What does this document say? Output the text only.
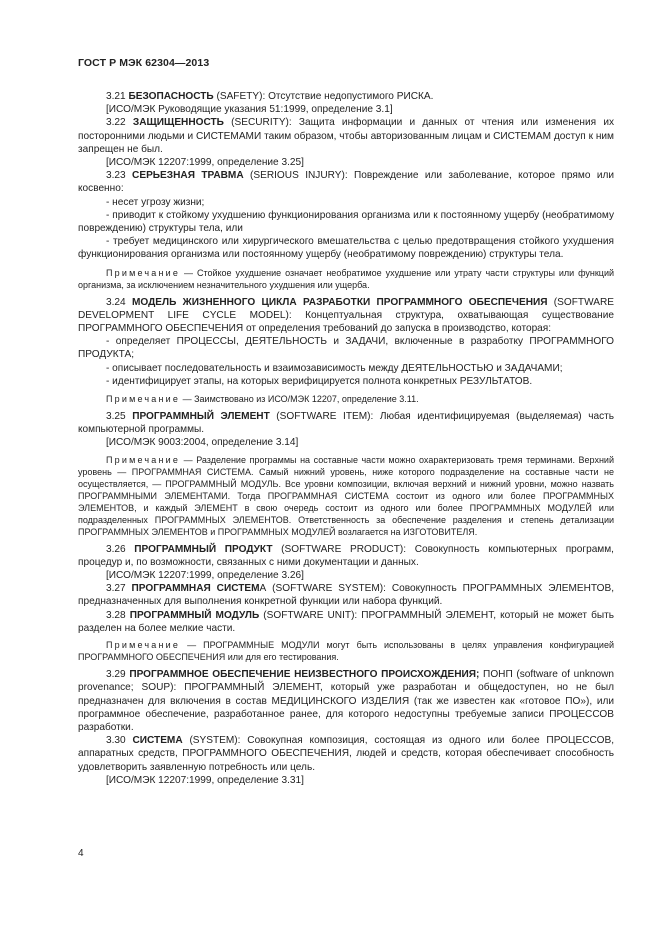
ГОСТ Р МЭК 62304—2013

3.21 БЕЗОПАСНОСТЬ (SAFETY): Отсутствие недопустимого РИСКА.

[ИСО/МЭК Руководящие указания 51:1999, определение 3.1]

3.22 ЗАЩИЩЕННОСТЬ (SECURITY): Защита информации и данных от чтения или изменения их посторонними людьми и СИСТЕМАМИ таким образом, чтобы авторизованным лицам и СИСТЕМАМ доступ к ним запрещен не был.

[ИСО/МЭК 12207:1999, определение 3.25]

3.23 СЕРЬЕЗНАЯ ТРАВМА (SERIOUS INJURY): Повреждение или заболевание, которое прямо или косвенно:

- несет угрозу жизни;

- приводит к стойкому ухудшению функционирования организма или к постоянному ущербу (необратимому повреждению) структуры тела, или

- требует медицинского или хирургического вмешательства с целью предотвращения стойкого ухудшения функционирования организма или постоянному ущербу (необратимому повреждению) структуры тела.

Примечание — Стойкое ухудшение означает необратимое ухудшение или утрату части структуры или функций организма, за исключением незначительного ухудшения или ущерба.

3.24 МОДЕЛЬ ЖИЗНЕННОГО ЦИКЛА РАЗРАБОТКИ ПРОГРАММНОГО ОБЕСПЕЧЕНИЯ (SOFTWARE DEVELOPMENT LIFE CYCLE MODEL): Концептуальная структура, охватывающая существование ПРОГРАММНОГО ОБЕСПЕЧЕНИЯ от определения требований до запуска в производство, которая:

- определяет ПРОЦЕССЫ, ДЕЯТЕЛЬНОСТЬ и ЗАДАЧИ, включенные в разработку ПРОГРАММНОГО ПРОДУКТА;

- описывает последовательность и взаимозависимость между ДЕЯТЕЛЬНОСТЬЮ и ЗАДАЧАМИ;

- идентифицирует этапы, на которых верифицируется полнота конкретных РЕЗУЛЬТАТОВ.

Примечание — Заимствовано из ИСО/МЭК 12207, определение 3.11.

3.25 ПРОГРАММНЫЙ ЭЛЕМЕНТ (SOFTWARE ITEM): Любая идентифицируемая (выделяемая) часть компьютерной программы.

[ИСО/МЭК 9003:2004, определение 3.14]

Примечание — Разделение программы на составные части можно охарактеризовать тремя терминами. Верхний уровень — ПРОГРАММНАЯ СИСТЕМА. Самый нижний уровень, ниже которого подразделение на составные части не осуществляется, — ПРОГРАММНЫЙ МОДУЛЬ. Все уровни композиции, включая верхний и нижний уровни, можно назвать ПРОГРАММНЫМИ ЭЛЕМЕНТАМИ. Тогда ПРОГРАММНАЯ СИСТЕМА состоит из одного или более ПРОГРАММНЫХ ЭЛЕМЕНТОВ, и каждый ЭЛЕМЕНТ в свою очередь состоит из одного или более ПРОГРАММНЫХ МОДУЛЕЙ или подразделенных ПРОГРАММНЫХ ЭЛЕМЕНТОВ. Ответственность за обеспечение разделения и степень детализации ПРОГРАММНЫХ ЭЛЕМЕНТОВ и ПРОГРАММНЫХ МОДУЛЕЙ возлагается на ИЗГОТОВИТЕЛЯ.

3.26 ПРОГРАММНЫЙ ПРОДУКТ (SOFTWARE PRODUCT): Совокупность компьютерных программ, процедур и, по возможности, связанных с ними документации и данных.

[ИСО/МЭК 12207:1999, определение 3.26]

3.27 ПРОГРАММНАЯ СИСТЕМА (SOFTWARE SYSTEM): Совокупность ПРОГРАММНЫХ ЭЛЕМЕНТОВ, предназначенных для выполнения конкретной функции или набора функций.

3.28 ПРОГРАММНЫЙ МОДУЛЬ (SOFTWARE UNIT): ПРОГРАММНЫЙ ЭЛЕМЕНТ, который не может быть разделен на более мелкие части.

Примечание — ПРОГРАММНЫЕ МОДУЛИ могут быть использованы в целях управления конфигурацией ПРОГРАММНОГО ОБЕСПЕЧЕНИЯ или для его тестирования.

3.29 ПРОГРАММНОЕ ОБЕСПЕЧЕНИЕ НЕИЗВЕСТНОГО ПРОИСХОЖДЕНИЯ; ПОНП (software of unknown provenance; SOUP): ПРОГРАММНЫЙ ЭЛЕМЕНТ, который уже разработан и общедоступен, но не был предназначен для включения в состав МЕДИЦИНСКОГО ИЗДЕЛИЯ (так же известен как «готовое ПО»), или программное обеспечение, разработанное ранее, для которого недоступны требуемые записи ПРОЦЕССОВ разработки.

3.30 СИСТЕМА (SYSTEM): Совокупная композиция, состоящая из одного или более ПРОЦЕССОВ, аппаратных средств, ПРОГРАММНОГО ОБЕСПЕЧЕНИЯ, людей и средств, которая обеспечивает способность удовлетворить заявленную потребность или цель.

[ИСО/МЭК 12207:1999, определение 3.31]

4
